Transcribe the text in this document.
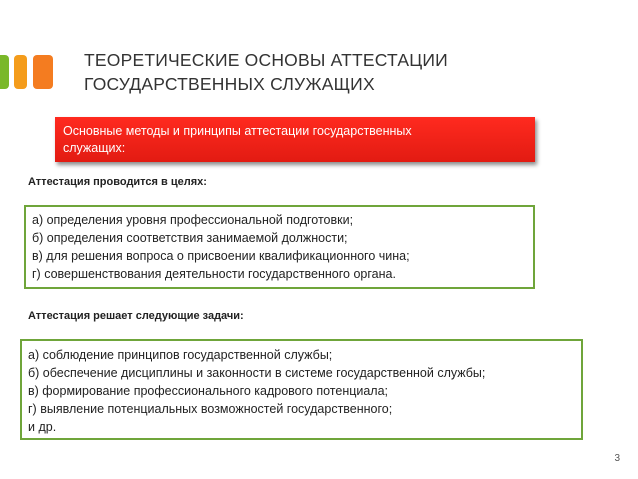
ТЕОРЕТИЧЕСКИЕ ОСНОВЫ АТТЕСТАЦИИ
ГОСУДАРСТВЕННЫХ СЛУЖАЩИХ
Основные методы и принципы аттестации государственных
служащих:
Аттестация проводится в целях:
а) определения уровня профессиональной подготовки;
б) определения соответствия занимаемой должности;
в) для решения вопроса о присвоении квалификационного чина;
г) совершенствования деятельности государственного органа.
Аттестация решает следующие задачи:
а) соблюдение принципов государственной службы;
б) обеспечение дисциплины и законности в системе государственной службы;
в) формирование профессионального кадрового потенциала;
г) выявление потенциальных возможностей государственного;
и др.
3
